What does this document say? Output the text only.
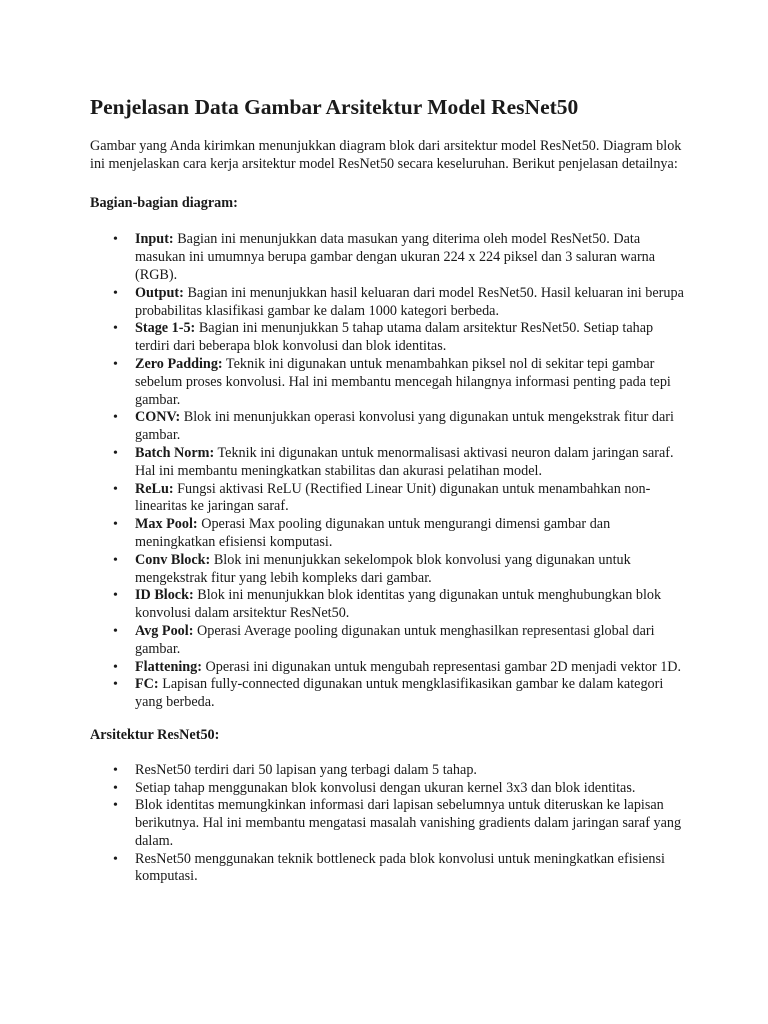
Penjelasan Data Gambar Arsitektur Model ResNet50

Gambar yang Anda kirimkan menunjukkan diagram blok dari arsitektur model ResNet50. Diagram blok ini menjelaskan cara kerja arsitektur model ResNet50 secara keseluruhan. Berikut penjelasan detailnya:

Bagian-bagian diagram:

• Input: Bagian ini menunjukkan data masukan yang diterima oleh model ResNet50. Data masukan ini umumnya berupa gambar dengan ukuran 224 x 224 piksel dan 3 saluran warna (RGB).
• Output: Bagian ini menunjukkan hasil keluaran dari model ResNet50. Hasil keluaran ini berupa probabilitas klasifikasi gambar ke dalam 1000 kategori berbeda.
• Stage 1-5: Bagian ini menunjukkan 5 tahap utama dalam arsitektur ResNet50. Setiap tahap terdiri dari beberapa blok konvolusi dan blok identitas.
• Zero Padding: Teknik ini digunakan untuk menambahkan piksel nol di sekitar tepi gambar sebelum proses konvolusi. Hal ini membantu mencegah hilangnya informasi penting pada tepi gambar.
• CONV: Blok ini menunjukkan operasi konvolusi yang digunakan untuk mengekstrak fitur dari gambar.
• Batch Norm: Teknik ini digunakan untuk menormalisasi aktivasi neuron dalam jaringan saraf. Hal ini membantu meningkatkan stabilitas dan akurasi pelatihan model.
• ReLu: Fungsi aktivasi ReLU (Rectified Linear Unit) digunakan untuk menambahkan non-linearitas ke jaringan saraf.
• Max Pool: Operasi Max pooling digunakan untuk mengurangi dimensi gambar dan meningkatkan efisiensi komputasi.
• Conv Block: Blok ini menunjukkan sekelompok blok konvolusi yang digunakan untuk mengekstrak fitur yang lebih kompleks dari gambar.
• ID Block: Blok ini menunjukkan blok identitas yang digunakan untuk menghubungkan blok konvolusi dalam arsitektur ResNet50.
• Avg Pool: Operasi Average pooling digunakan untuk menghasilkan representasi global dari gambar.
• Flattening: Operasi ini digunakan untuk mengubah representasi gambar 2D menjadi vektor 1D.
• FC: Lapisan fully-connected digunakan untuk mengklasifikasikan gambar ke dalam kategori yang berbeda.

Arsitektur ResNet50:

• ResNet50 terdiri dari 50 lapisan yang terbagi dalam 5 tahap.
• Setiap tahap menggunakan blok konvolusi dengan ukuran kernel 3x3 dan blok identitas.
• Blok identitas memungkinkan informasi dari lapisan sebelumnya untuk diteruskan ke lapisan berikutnya. Hal ini membantu mengatasi masalah vanishing gradients dalam jaringan saraf yang dalam.
• ResNet50 menggunakan teknik bottleneck pada blok konvolusi untuk meningkatkan efisiensi komputasi.
